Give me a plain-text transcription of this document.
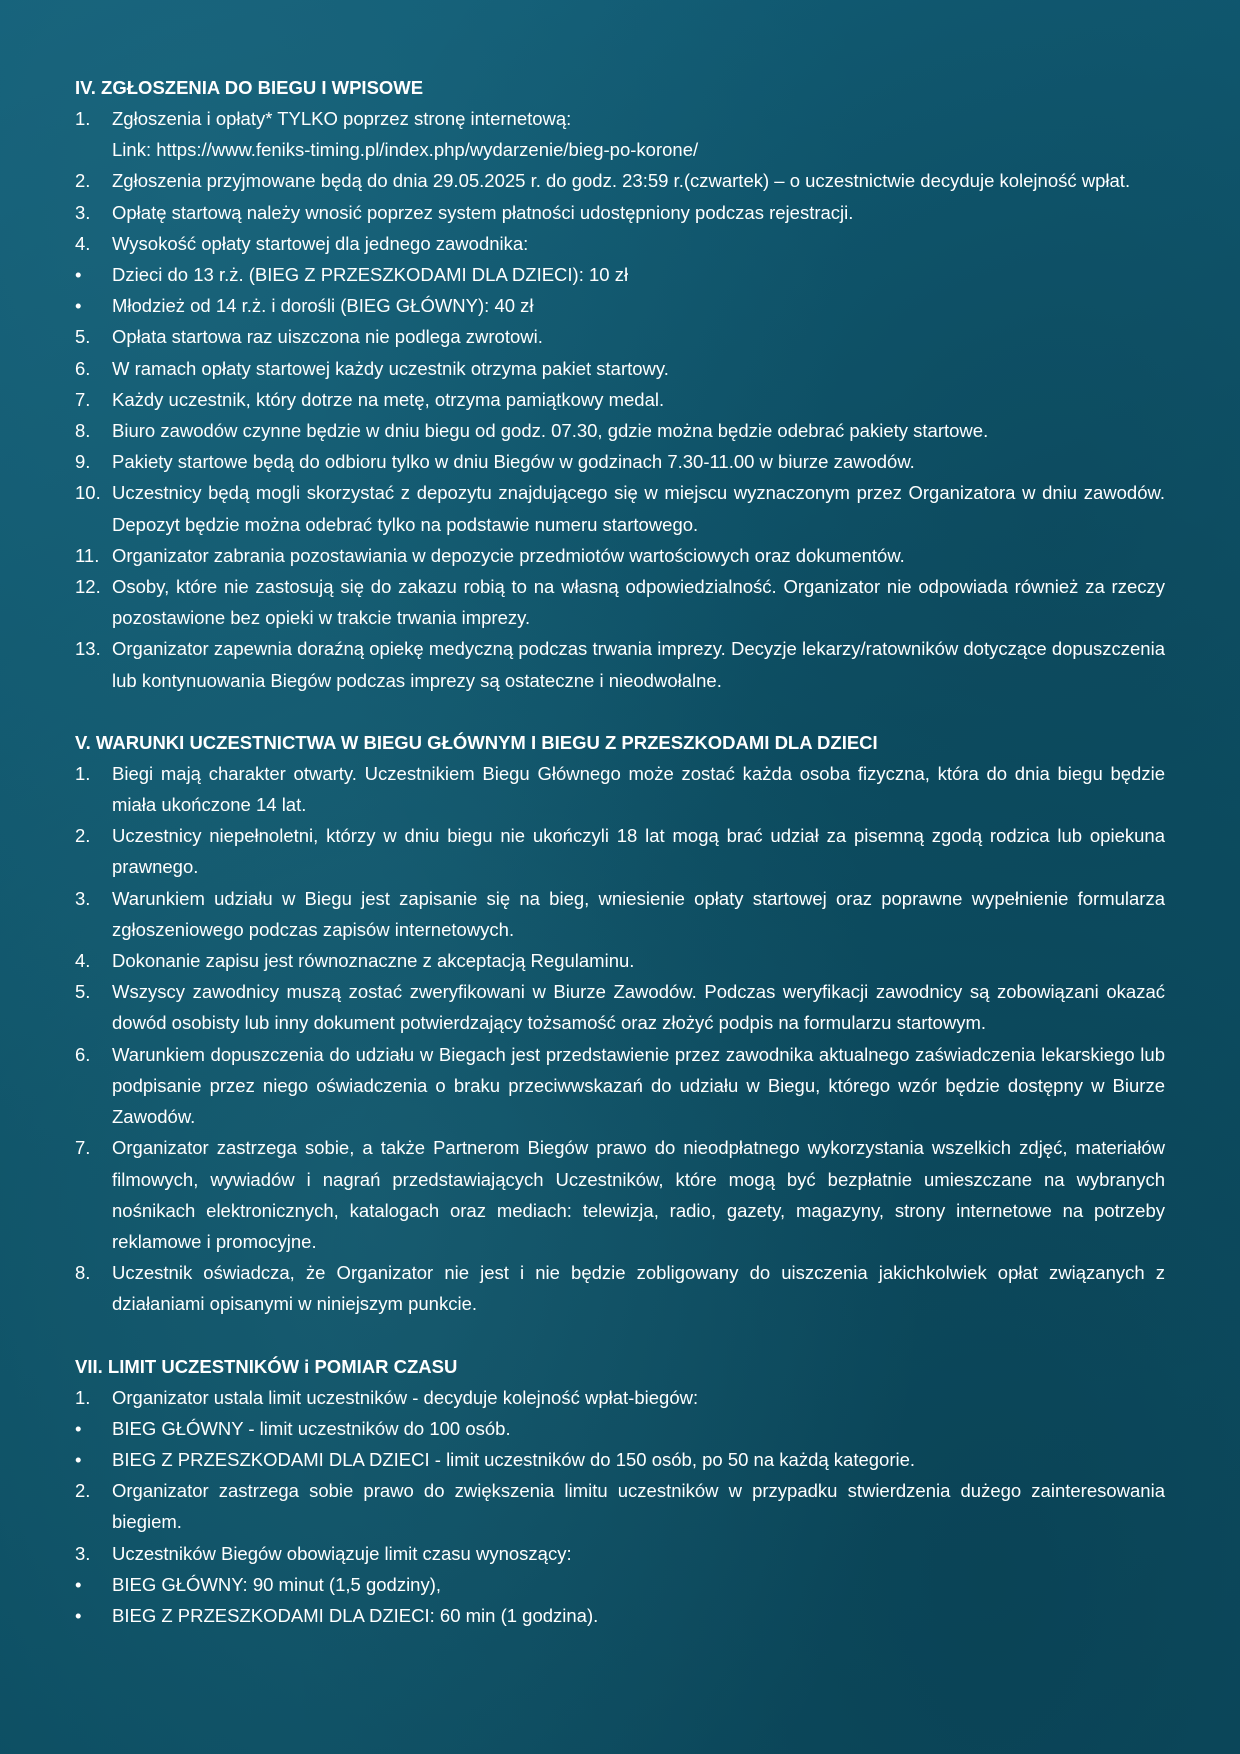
IV. ZGŁOSZENIA DO BIEGU I WPISOWE
1.	Zgłoszenia i opłaty* TYLKO poprzez stronę internetową:
Link: https://www.feniks-timing.pl/index.php/wydarzenie/bieg-po-korone/
2.	Zgłoszenia przyjmowane będą do dnia 29.05.2025 r. do godz. 23:59 r.(czwartek) – o uczestnictwie decyduje kolejność wpłat.
3.	Opłatę startową należy wnosić poprzez system płatności udostępniony podczas rejestracji.
4.	Wysokość opłaty startowej dla jednego zawodnika:
•	Dzieci do 13 r.ż. (BIEG Z PRZESZKODAMI DLA DZIECI): 10 zł
•	Młodzież od 14 r.ż. i dorośli (BIEG GŁÓWNY): 40 zł
5.	Opłata startowa raz uiszczona nie podlega zwrotowi.
6.	W ramach opłaty startowej każdy uczestnik otrzyma pakiet startowy.
7.	Każdy uczestnik, który dotrze na metę, otrzyma pamiątkowy medal.
8.	Biuro zawodów czynne będzie w dniu biegu od godz. 07.30, gdzie można będzie odebrać pakiety startowe.
9.	Pakiety startowe będą do odbioru tylko w dniu Biegów w godzinach 7.30-11.00 w biurze zawodów.
10. Uczestnicy będą mogli skorzystać z depozytu znajdującego się w miejscu wyznaczonym przez Organizatora w dniu zawodów. Depozyt będzie można odebrać tylko na podstawie numeru startowego.
11. Organizator zabrania pozostawiania w depozycie przedmiotów wartościowych oraz dokumentów.
12. Osoby, które nie zastosują się do zakazu robią to na własną odpowiedzialność. Organizator nie odpowiada również za rzeczy pozostawione bez opieki w trakcie trwania imprezy.
13. Organizator zapewnia doraźną opiekę medyczną podczas trwania imprezy. Decyzje lekarzy/ratowników dotyczące dopuszczenia lub kontynuowania Biegów podczas imprezy są ostateczne i nieodwołalne.
V. WARUNKI UCZESTNICTWA W BIEGU GŁÓWNYM I BIEGU Z PRZESZKODAMI DLA DZIECI
1.	Biegi mają charakter otwarty. Uczestnikiem Biegu Głównego może zostać każda osoba fizyczna, która do dnia biegu będzie miała ukończone 14 lat.
2.	Uczestnicy niepełnoletni, którzy w dniu biegu nie ukończyli 18 lat mogą brać udział za pisemną zgodą rodzica lub opiekuna prawnego.
3.	Warunkiem udziału w Biegu jest zapisanie się na bieg, wniesienie opłaty startowej oraz poprawne wypełnienie formularza zgłoszeniowego podczas zapisów internetowych.
4.	Dokonanie zapisu jest równoznaczne z akceptacją Regulaminu.
5.	Wszyscy zawodnicy muszą zostać zweryfikowani w Biurze Zawodów. Podczas weryfikacji zawodnicy są zobowiązani okazać dowód osobisty lub inny dokument potwierdzający tożsamość oraz złożyć podpis na formularzu startowym.
6.	Warunkiem dopuszczenia do udziału w Biegach jest przedstawienie przez zawodnika aktualnego zaświadczenia lekarskiego lub podpisanie przez niego oświadczenia o braku przeciwwskazań do udziału w Biegu, którego wzór będzie dostępny w Biurze Zawodów.
7.	Organizator zastrzega sobie, a także Partnerom Biegów prawo do nieodpłatnego wykorzystania wszelkich zdjęć, materiałów filmowych, wywiadów i nagrań przedstawiających Uczestników, które mogą być bezpłatnie umieszczane na wybranych nośnikach elektronicznych, katalogach oraz mediach: telewizja, radio, gazety, magazyny, strony internetowe na potrzeby reklamowe i promocyjne.
8.	Uczestnik oświadcza, że Organizator nie jest i nie będzie zobligowany do uiszczenia jakichkolwiek opłat związanych z działaniami opisanymi w niniejszym punkcie.
VII. LIMIT UCZESTNIKÓW i POMIAR CZASU
1.	Organizator ustala limit uczestników - decyduje kolejność wpłat-biegów:
•	BIEG GŁÓWNY - limit uczestników do 100 osób.
•	BIEG Z PRZESZKODAMI DLA DZIECI - limit uczestników do 150 osób, po 50 na każdą kategorie.
2.	Organizator zastrzega sobie prawo do zwiększenia limitu uczestników w przypadku stwierdzenia dużego zainteresowania biegiem.
3.	Uczestników Biegów obowiązuje limit czasu wynoszący:
•	BIEG GŁÓWNY: 90 minut (1,5 godziny),
•	BIEG Z PRZESZKODAMI DLA DZIECI: 60 min (1 godzina).
